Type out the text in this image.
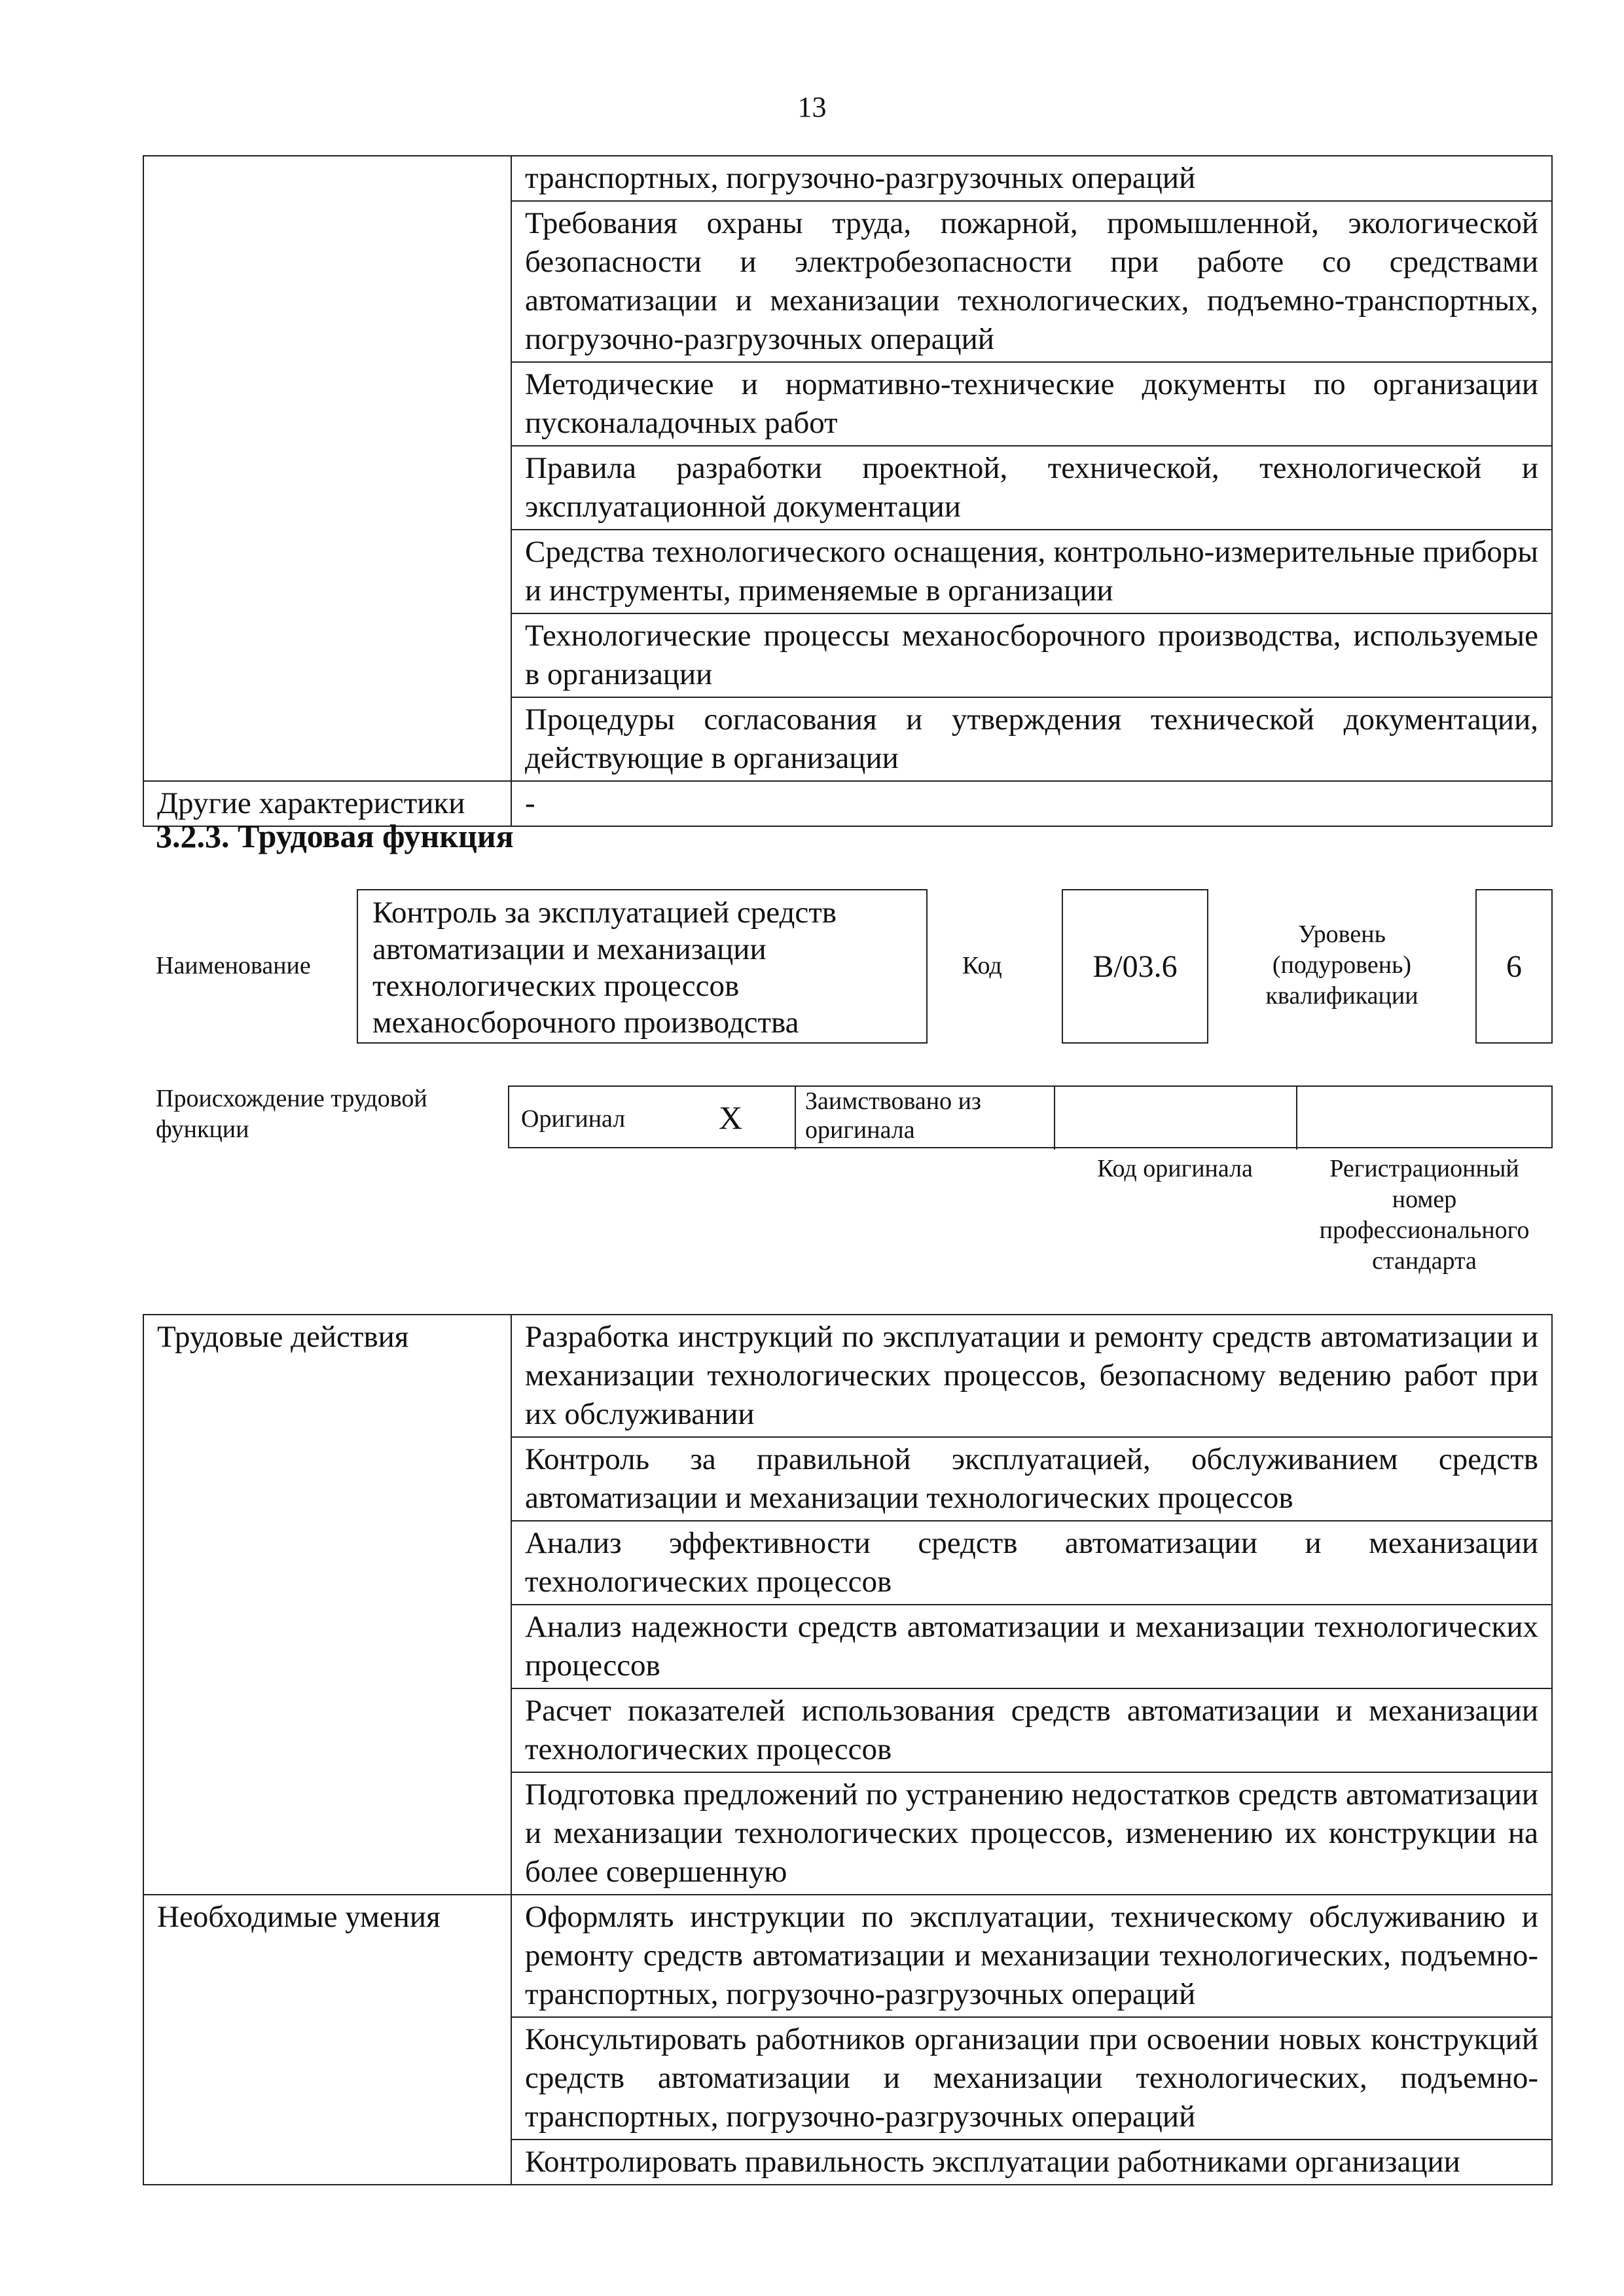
13
	транспортных, погрузочно-разгрузочных операций
	Требования охраны труда, пожарной, промышленной, экологической безопасности и электробезопасности при работе со средствами автоматизации и механизации технологических, подъемно-транспортных, погрузочно-разгрузочных операций
	Методические и нормативно-технические документы по организации пусконаладочных работ
	Правила разработки проектной, технической, технологической и эксплуатационной документации
	Средства технологического оснащения, контрольно-измерительные приборы и инструменты, применяемые в организации
	Технологические процессы механосборочного производства, используемые в организации
	Процедуры согласования и утверждения технической документации, действующие в организации
Другие характеристики	-
3.2.3. Трудовая функция
Наименование
Контроль за эксплуатацией средств автоматизации и механизации технологических процессов механосборочного производства
Код	B/03.6
Уровень (подуровень) квалификации
6
Происхождение трудовой функции	Оригинал	X	Заимствовано из оригинала
Код оригинала	Регистрационный номер профессионального стандарта
Трудовые действия	Разработка инструкций по эксплуатации и ремонту средств автоматизации и механизации технологических процессов, безопасному ведению работ при их обслуживании
	Контроль за правильной эксплуатацией, обслуживанием средств автоматизации и механизации технологических процессов
	Анализ эффективности средств автоматизации и механизации технологических процессов
	Анализ надежности средств автоматизации и механизации технологических процессов
	Расчет показателей использования средств автоматизации и механизации технологических процессов
	Подготовка предложений по устранению недостатков средств автоматизации и механизации технологических процессов, изменению их конструкции на более совершенную
Необходимые умения	Оформлять инструкции по эксплуатации, техническому обслуживанию и ремонту средств автоматизации и механизации технологических, подъемно-транспортных, погрузочно-разгрузочных операций
	Консультировать работников организации при освоении новых конструкций средств автоматизации и механизации технологических, подъемно-транспортных, погрузочно-разгрузочных операций
	Контролировать правильность эксплуатации работниками организации
